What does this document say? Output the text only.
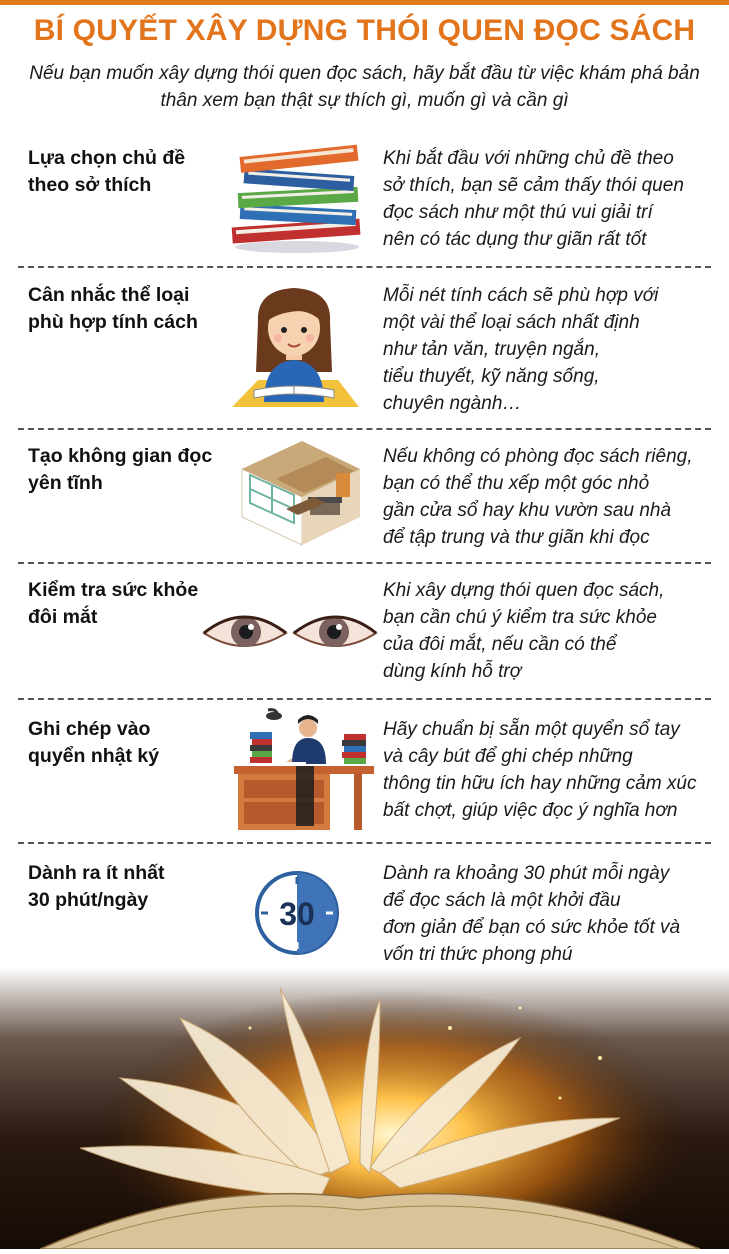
BÍ QUYẾT XÂY DỰNG THÓI QUEN ĐỌC SÁCH
Nếu bạn muốn xây dựng thói quen đọc sách, hãy bắt đầu từ việc khám phá bản thân xem bạn thật sự thích gì, muốn gì và cần gì
Lựa chọn chủ đề
theo sở thích
Khi bắt đầu với những chủ đề theo
sở thích, bạn sẽ cảm thấy thói quen
đọc sách như một thú vui giải trí
nên có tác dụng thư giãn rất tốt
Cân nhắc thể loại
phù hợp tính cách
Mỗi nét tính cách sẽ phù hợp với
một vài thể loại sách nhất định
như tản văn, truyện ngắn,
tiểu thuyết, kỹ năng sống,
chuyên ngành…
Tạo không gian đọc
yên tĩnh
Nếu không có phòng đọc sách riêng,
bạn có thể thu xếp một góc nhỏ
gần cửa sổ hay khu vườn sau nhà
để tập trung và thư giãn khi đọc
Kiểm tra sức khỏe
đôi mắt
Khi xây dựng thói quen đọc sách,
bạn cần chú ý kiểm tra sức khỏe
của đôi mắt, nếu cần có thể
dùng kính hỗ trợ
Ghi chép vào
quyển nhật ký
Hãy chuẩn bị sẵn một quyển sổ tay
và cây bút để ghi chép những
thông tin hữu ích hay những cảm xúc
bất chợt, giúp việc đọc ý nghĩa hơn
Dành ra ít nhất
30 phút/ngày	30
Dành ra khoảng 30 phút mỗi ngày
để đọc sách là một khởi đầu
đơn giản để bạn có sức khỏe tốt và
vốn tri thức phong phú
